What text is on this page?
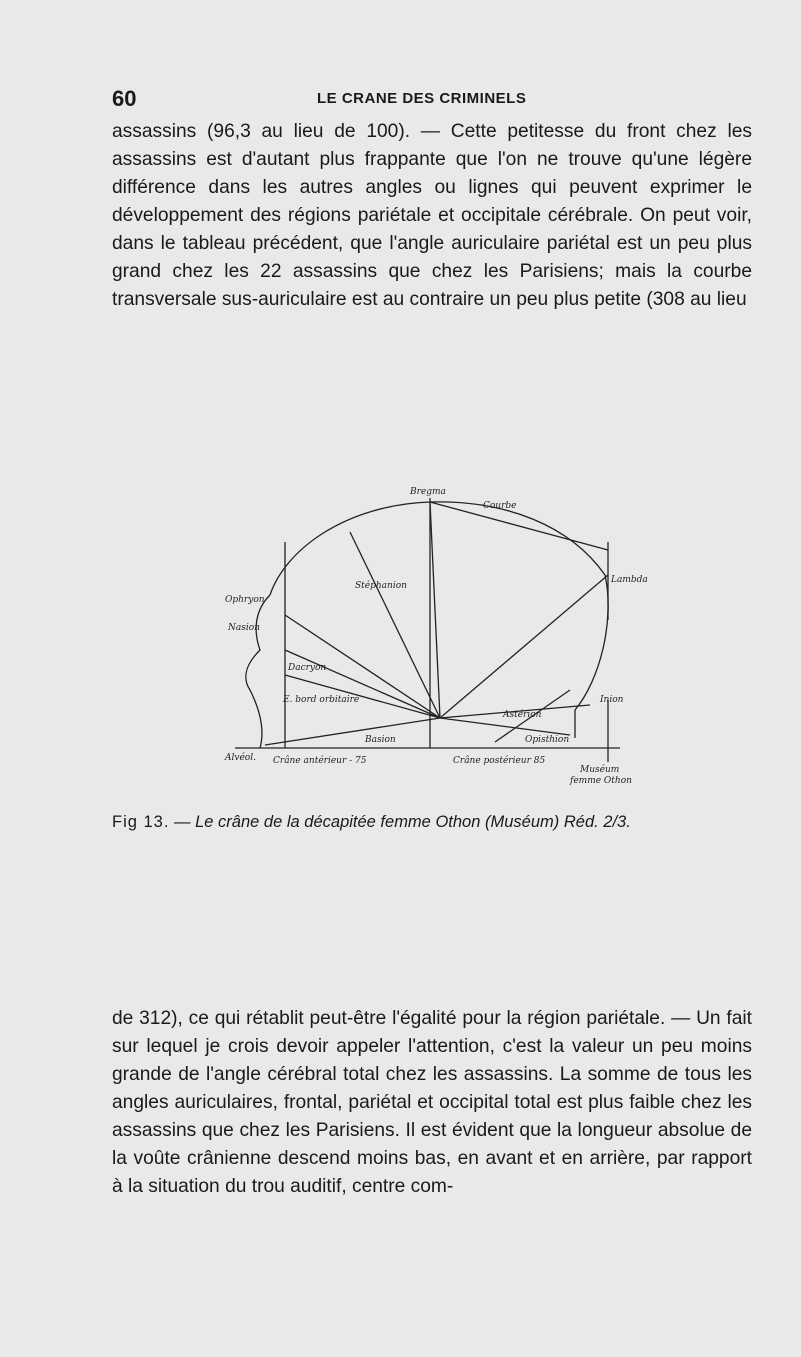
60	LE CRANE DES CRIMINELS
assassins (96,3 au lieu de 100). — Cette petitesse du front chez les assassins est d'autant plus frappante que l'on ne trouve qu'une légère différence dans les autres angles ou lignes qui peuvent exprimer le développement des régions pariétale et occipitale cérébrale. On peut voir, dans le tableau précédent, que l'angle auriculaire pariétal est un peu plus grand chez les 22 assassins que chez les Parisiens; mais la courbe transversale sus-auriculaire est au contraire un peu plus petite (308 au lieu
Bregma
Ophryon
Nasion
Stéphanion
Dacryon
E. bord orbitaire
Basion
Alvéol. Crâne antérieur - 75	Crâne postérieur 85
Lambda
Inion
Astérion
Opisthion
Courbe
Muséum
femme Othon
Fig 13. — Le crâne de la décapitée femme Othon (Muséum) Réd. 2/3.
de 312), ce qui rétablit peut-être l'égalité pour la région pariétale. — Un fait sur lequel je crois devoir appeler l'attention, c'est la valeur un peu moins grande de l'angle cérébral total chez les assassins. La somme de tous les angles auriculaires, frontal, pariétal et occipital total est plus faible chez les assassins que chez les Parisiens. Il est évident que la longueur absolue de la voûte crânienne descend moins bas, en avant et en arrière, par rapport à la situation du trou auditif, centre com-
